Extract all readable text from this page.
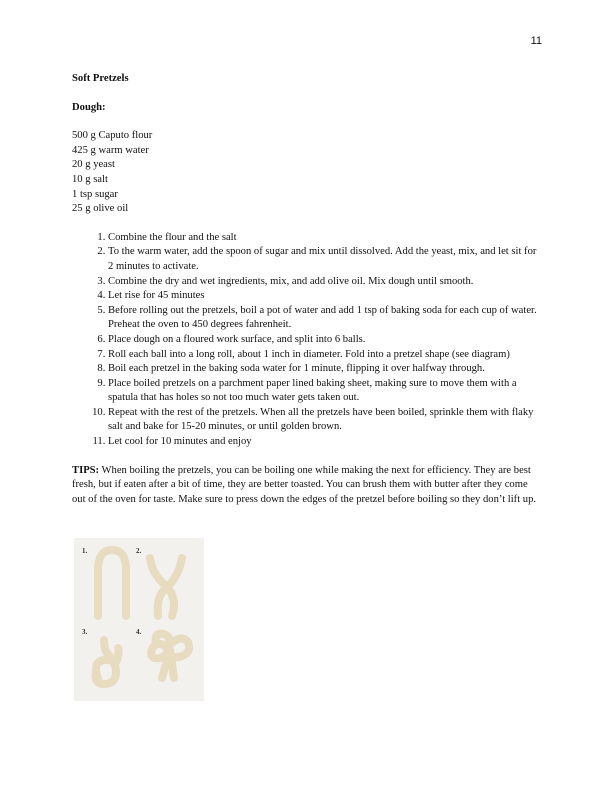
11

Soft Pretzels

Dough:

500 g Caputo flour
425 g warm water
20 g yeast
10 g salt
1 tsp sugar
25 g olive oil
1. Combine the flour and the salt
2. To the warm water, add the spoon of sugar and mix until dissolved. Add the yeast, mix, and let sit for 2 minutes to activate.
3. Combine the dry and wet ingredients, mix, and add olive oil. Mix dough until smooth.
4. Let rise for 45 minutes
5. Before rolling out the pretzels, boil a pot of water and add 1 tsp of baking soda for each cup of water. Preheat the oven to 450 degrees fahrenheit.
6. Place dough on a floured work surface, and split into 6 balls.
7. Roll each ball into a long roll, about 1 inch in diameter. Fold into a pretzel shape (see diagram)
8. Boil each pretzel in the baking soda water for 1 minute, flipping it over halfway through.
9. Place boiled pretzels on a parchment paper lined baking sheet, making sure to move them with a spatula that has holes so not too much water gets taken out.
10. Repeat with the rest of the pretzels. When all the pretzels have been boiled, sprinkle them with flaky salt and bake for 15-20 minutes, or until golden brown.
11. Let cool for 10 minutes and enjoy

TIPS: When boiling the pretzels, you can be boiling one while making the next for efficiency. They are best fresh, but if eaten after a bit of time, they are better toasted. You can brush them with butter after they come out of the oven for taste. Make sure to press down the edges of the pretzel before boiling so they don’t lift up.

1.	2.
3.	4.
